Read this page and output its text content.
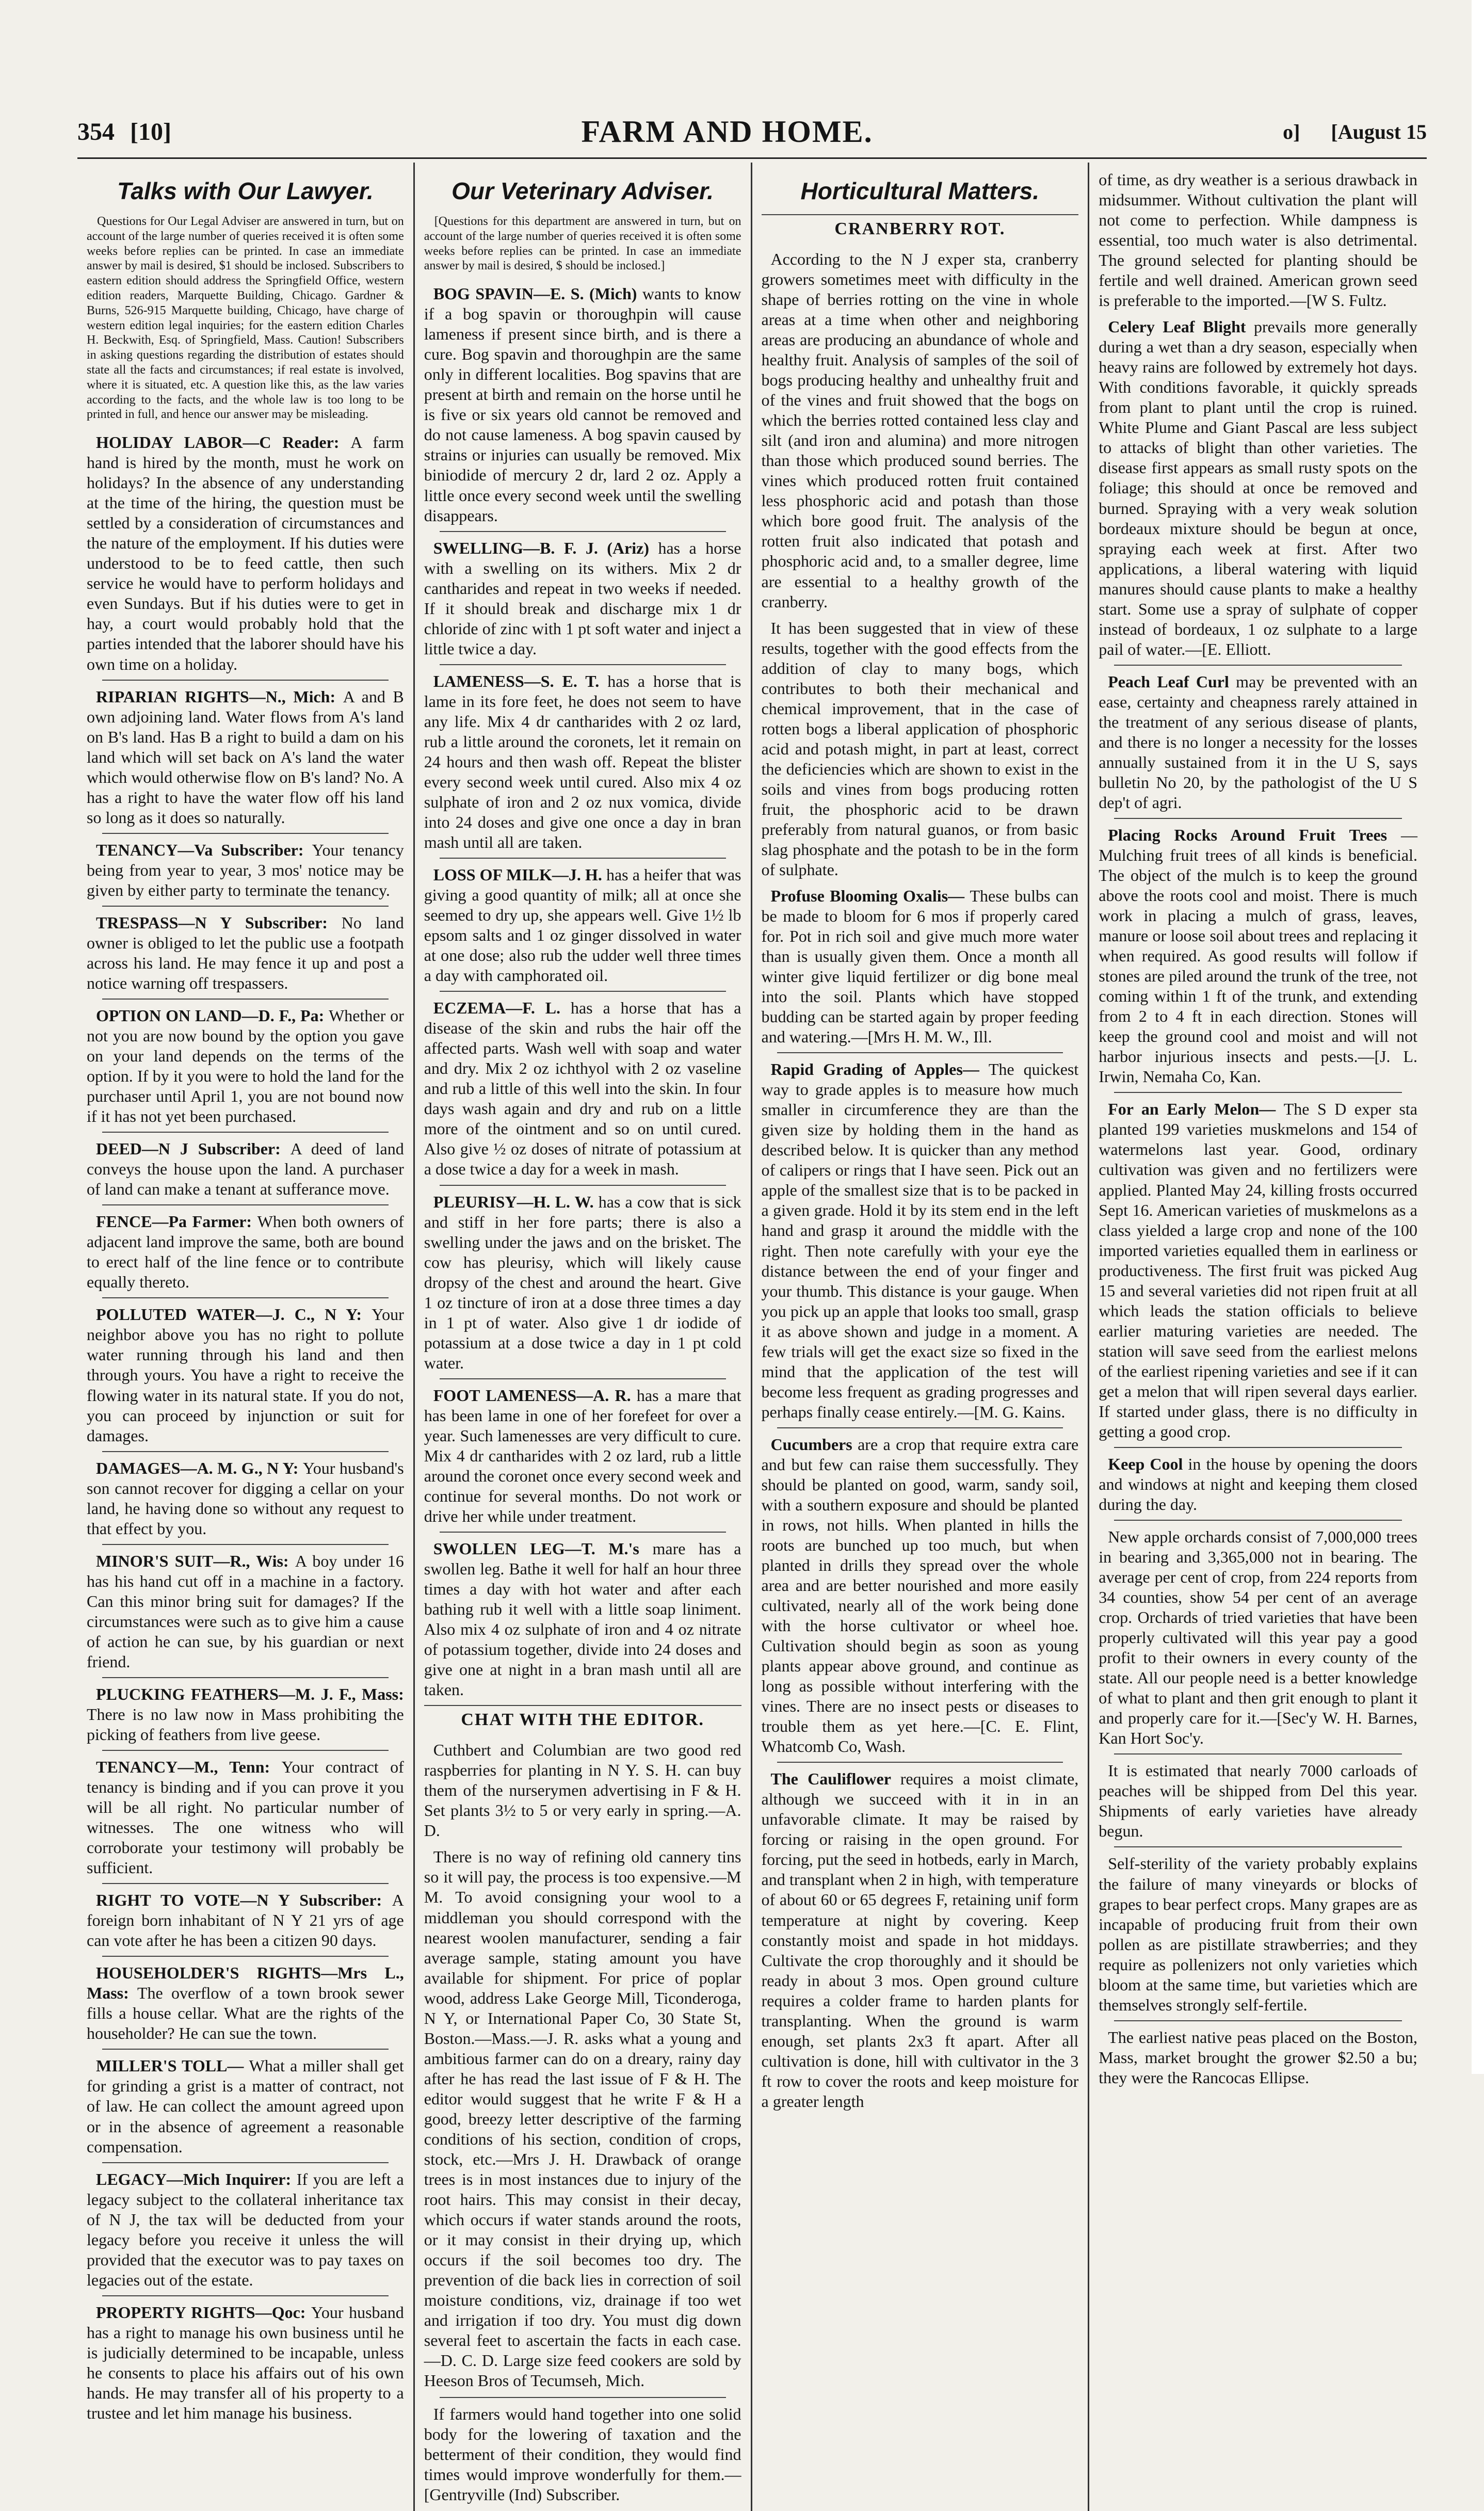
354 [10]	FARM AND HOME.	o] [August 15
Talks with Our Lawyer.

Questions for Our Legal Adviser are answered in turn, but on account of the large number of queries received it is often some weeks before replies can be printed. In case an immediate answer by mail is desired, $1 should be inclosed. Subscribers to eastern edition should address the Springfield Office, western edition readers, Marquette Building, Chicago. Gardner & Burns, 526-915 Marquette building, Chicago, have charge of western edition legal inquiries; for the eastern edition Charles H. Beckwith, Esq. of Springfield, Mass. Caution! Subscribers in asking questions regarding the distribution of estates should state all the facts and circumstances; if real estate is involved, where it is situated, etc. A question like this, as the law varies according to the facts, and the whole law is too long to be printed in full, and hence our answer may be misleading.

HOLIDAY LABOR—C Reader: A farm hand is hired by the month, must he work on holidays? In the absence of any understanding at the time of the hiring, the question must be settled by a consideration of circumstances and the nature of the employment. If his duties were understood to be to feed cattle, then such service he would have to perform holidays and even Sundays. But if his duties were to get in hay, a court would probably hold that the parties intended that the laborer should have his own time on a holiday.

RIPARIAN RIGHTS—N., Mich: A and B own adjoining land. Water flows from A's land on B's land. Has B a right to build a dam on his land which will set back on A's land the water which would otherwise flow on B's land? No. A has a right to have the water flow off his land so long as it does so naturally.

TENANCY—Va Subscriber: Your tenancy being from year to year, 3 mos' notice may be given by either party to terminate the tenancy.

TRESPASS—N Y Subscriber: No land owner is obliged to let the public use a footpath across his land. He may fence it up and post a notice warning off trespassers.

OPTION ON LAND—D. F., Pa: Whether or not you are now bound by the option you gave on your land depends on the terms of the option. If by it you were to hold the land for the purchaser until April 1, you are not bound now if it has not yet been purchased.

DEED—N J Subscriber: A deed of land conveys the house upon the land. A purchaser of land can make a tenant at sufferance move.

FENCE—Pa Farmer: When both owners of adjacent land improve the same, both are bound to erect half of the line fence or to contribute equally thereto.

POLLUTED WATER—J. C., N Y: Your neighbor above you has no right to pollute water running through his land and then through yours. You have a right to receive the flowing water in its natural state. If you do not, you can proceed by injunction or suit for damages.

DAMAGES—A. M. G., N Y: Your husband's son cannot recover for digging a cellar on your land, he having done so without any request to that effect by you.

MINOR'S SUIT—R., Wis: A boy under 16 has his hand cut off in a machine in a factory. Can this minor bring suit for damages? If the circumstances were such as to give him a cause of action he can sue, by his guardian or next friend.

PLUCKING FEATHERS—M. J. F., Mass: There is no law now in Mass prohibiting the picking of feathers from live geese.

TENANCY—M., Tenn: Your contract of tenancy is binding and if you can prove it you will be all right. No particular number of witnesses. The one witness who will corroborate your testimony will probably be sufficient.

RIGHT TO VOTE—N Y Subscriber: A foreign born inhabitant of N Y 21 yrs of age can vote after he has been a citizen 90 days.

HOUSEHOLDER'S RIGHTS—Mrs L., Mass: The overflow of a town brook sewer fills a house cellar. What are the rights of the householder? He can sue the town.

MILLER'S TOLL— What a miller shall get for grinding a grist is a matter of contract, not of law. He can collect the amount agreed upon or in the absence of agreement a reasonable compensation.

LEGACY—Mich Inquirer: If you are left a legacy subject to the collateral inheritance tax of N J, the tax will be deducted from your legacy before you receive it unless the will provided that the executor was to pay taxes on legacies out of the estate.

PROPERTY RIGHTS—Qoc: Your husband has a right to manage his own business until he is judicially determined to be incapable, unless he consents to place his affairs out of his own hands. He may transfer all of his property to a trustee and let him manage his business.

Our Veterinary Adviser.

[Questions for this department are answered in turn, but on account of the large number of queries received it is often some weeks before replies can be printed. In case an immediate answer by mail is desired, $ should be inclosed.]

BOG SPAVIN—E. S. (Mich) wants to know if a bog spavin or thoroughpin will cause lameness if present since birth, and is there a cure. Bog spavin and thoroughpin are the same only in different localities. Bog spavins that are present at birth and remain on the horse until he is five or six years old cannot be removed and do not cause lameness. A bog spavin caused by strains or injuries can usually be removed. Mix biniodide of mercury 2 dr, lard 2 oz. Apply a little once every second week until the swelling disappears.

SWELLING—B. F. J. (Ariz) has a horse with a swelling on its withers. Mix 2 dr cantharides and repeat in two weeks if needed. If it should break and discharge mix 1 dr chloride of zinc with 1 pt soft water and inject a little twice a day.

LAMENESS—S. E. T. has a horse that is lame in its fore feet, he does not seem to have any life. Mix 4 dr cantharides with 2 oz lard, rub a little around the coronets, let it remain on 24 hours and then wash off. Repeat the blister every second week until cured. Also mix 4 oz sulphate of iron and 2 oz nux vomica, divide into 24 doses and give one once a day in bran mash until all are taken.

LOSS OF MILK—J. H. has a heifer that was giving a good quantity of milk; all at once she seemed to dry up, she appears well. Give 1½ lb epsom salts and 1 oz ginger dissolved in water at one dose; also rub the udder well three times a day with camphorated oil.

ECZEMA—F. L. has a horse that has a disease of the skin and rubs the hair off the affected parts. Wash well with soap and water and dry. Mix 2 oz ichthyol with 2 oz vaseline and rub a little of this well into the skin. In four days wash again and dry and rub on a little more of the ointment and so on until cured. Also give ½ oz doses of nitrate of potassium at a dose twice a day for a week in mash.

PLEURISY—H. L. W. has a cow that is sick and stiff in her fore parts; there is also a swelling under the jaws and on the brisket. The cow has pleurisy, which will likely cause dropsy of the chest and around the heart. Give 1 oz tincture of iron at a dose three times a day in 1 pt of water. Also give 1 dr iodide of potassium at a dose twice a day in 1 pt cold water.

FOOT LAMENESS—A. R. has a mare that has been lame in one of her forefeet for over a year. Such lamenesses are very difficult to cure. Mix 4 dr cantharides with 2 oz lard, rub a little around the coronet once every second week and continue for several months. Do not work or drive her while under treatment.

SWOLLEN LEG—T. M.'s mare has a swollen leg. Bathe it well for half an hour three times a day with hot water and after each bathing rub it well with a little soap liniment. Also mix 4 oz sulphate of iron and 4 oz nitrate of potassium together, divide into 24 doses and give one at night in a bran mash until all are taken.

CHAT WITH THE EDITOR.

Cuthbert and Columbian are two good red raspberries for planting in N Y. S. H. can buy them of the nurserymen advertising in F & H. Set plants 3½ to 5 or very early in spring.—A. D.

There is no way of refining old cannery tins so it will pay, the process is too expensive.—M M. To avoid consigning your wool to a middleman you should correspond with the nearest woolen manufacturer, sending a fair average sample, stating amount you have available for shipment. For price of poplar wood, address Lake George Mill, Ticonderoga, N Y, or International Paper Co, 30 State St, Boston.—Mass.—J. R. asks what a young and ambitious farmer can do on a dreary, rainy day after he has read the last issue of F & H. The editor would suggest that he write F & H a good, breezy letter descriptive of the farming conditions of his section, condition of crops, stock, etc.—Mrs J. H. Drawback of orange trees is in most instances due to injury of the root hairs. This may consist in their decay, which occurs if water stands around the roots, or it may consist in their drying up, which occurs if the soil becomes too dry. The prevention of die back lies in correction of soil moisture conditions, viz, drainage if too wet and irrigation if too dry. You must dig down several feet to ascertain the facts in each case.—D. C. D. Large size feed cookers are sold by Heeson Bros of Tecumseh, Mich.

If farmers would hand together into one solid body for the lowering of taxation and the betterment of their condition, they would find times would improve wonderfully for them.—[Gentryville (Ind) Subscriber.

Horticultural Matters.
CRANBERRY ROT.

According to the N J exper sta, cranberry growers sometimes meet with difficulty in the shape of berries rotting on the vine in whole areas at a time when other and neighboring areas are producing an abundance of whole and healthy fruit. Analysis of samples of the soil of bogs producing healthy and unhealthy fruit and of the vines and fruit showed that the bogs on which the berries rotted contained less clay and silt (and iron and alumina) and more nitrogen than those which produced sound berries. The vines which produced rotten fruit contained less phosphoric acid and potash than those which bore good fruit. The analysis of the rotten fruit also indicated that potash and phosphoric acid and, to a smaller degree, lime are essential to a healthy growth of the cranberry.

It has been suggested that in view of these results, together with the good effects from the addition of clay to many bogs, which contributes to both their mechanical and chemical improvement, that in the case of rotten bogs a liberal application of phosphoric acid and potash might, in part at least, correct the deficiencies which are shown to exist in the soils and vines from bogs producing rotten fruit, the phosphoric acid to be drawn preferably from natural guanos, or from basic slag phosphate and the potash to be in the form of sulphate.

Profuse Blooming Oxalis— These bulbs can be made to bloom for 6 mos if properly cared for. Pot in rich soil and give much more water than is usually given them. Once a month all winter give liquid fertilizer or dig bone meal into the soil. Plants which have stopped budding can be started again by proper feeding and watering.—[Mrs H. M. W., Ill.

Rapid Grading of Apples— The quickest way to grade apples is to measure how much smaller in circumference they are than the given size by holding them in the hand as described below. It is quicker than any method of calipers or rings that I have seen. Pick out an apple of the smallest size that is to be packed in a given grade. Hold it by its stem end in the left hand and grasp it around the middle with the right. Then note carefully with your eye the distance between the end of your finger and your thumb. This distance is your gauge. When you pick up an apple that looks too small, grasp it as above shown and judge in a moment. A few trials will get the exact size so fixed in the mind that the application of the test will become less frequent as grading progresses and perhaps finally cease entirely.—[M. G. Kains.

Cucumbers are a crop that require extra care and but few can raise them successfully. They should be planted on good, warm, sandy soil, with a southern exposure and should be planted in rows, not hills. When planted in hills the roots are bunched up too much, but when planted in drills they spread over the whole area and are better nourished and more easily cultivated, nearly all of the work being done with the horse cultivator or wheel hoe. Cultivation should begin as soon as young plants appear above ground, and continue as long as possible without interfering with the vines. There are no insect pests or diseases to trouble them as yet here.—[C. E. Flint, Whatcomb Co, Wash.

The Cauliflower requires a moist climate, although we succeed with it in in an unfavorable climate. It may be raised by forcing or raising in the open ground. For forcing, put the seed in hotbeds, early in March, and transplant when 2 in high, with temperature of about 60 or 65 degrees F, retaining unif form temperature at night by covering. Keep constantly moist and spade in hot middays. Cultivate the crop thoroughly and it should be ready in about 3 mos. Open ground culture requires a colder frame to harden plants for transplanting. When the ground is warm enough, set plants 2x3 ft apart. After all cultivation is done, hill with cultivator in the 3 ft row to cover the roots and keep moisture for a greater length

of time, as dry weather is a serious drawback in midsummer. Without cultivation the plant will not come to perfection. While dampness is essential, too much water is also detrimental. The ground selected for planting should be fertile and well drained. American grown seed is preferable to the imported.—[W S. Fultz.

Celery Leaf Blight prevails more generally during a wet than a dry season, especially when heavy rains are followed by extremely hot days. With conditions favorable, it quickly spreads from plant to plant until the crop is ruined. White Plume and Giant Pascal are less subject to attacks of blight than other varieties. The disease first appears as small rusty spots on the foliage; this should at once be removed and burned. Spraying with a very weak solution bordeaux mixture should be begun at once, spraying each week at first. After two applications, a liberal watering with liquid manures should cause plants to make a healthy start. Some use a spray of sulphate of copper instead of bordeaux, 1 oz sulphate to a large pail of water.—[E. Elliott.

Peach Leaf Curl may be prevented with an ease, certainty and cheapness rarely attained in the treatment of any serious disease of plants, and there is no longer a necessity for the losses annually sustained from it in the U S, says bulletin No 20, by the pathologist of the U S dep't of agri.

Placing Rocks Around Fruit Trees —Mulching fruit trees of all kinds is beneficial. The object of the mulch is to keep the ground above the roots cool and moist. There is much work in placing a mulch of grass, leaves, manure or loose soil about trees and replacing it when required. As good results will follow if stones are piled around the trunk of the tree, not coming within 1 ft of the trunk, and extending from 2 to 4 ft in each direction. Stones will keep the ground cool and moist and will not harbor injurious insects and pests.—[J. L. Irwin, Nemaha Co, Kan.

For an Early Melon— The S D exper sta planted 199 varieties muskmelons and 154 of watermelons last year. Good, ordinary cultivation was given and no fertilizers were applied. Planted May 24, killing frosts occurred Sept 16. American varieties of muskmelons as a class yielded a large crop and none of the 100 imported varieties equalled them in earliness or productiveness. The first fruit was picked Aug 15 and several varieties did not ripen fruit at all which leads the station officials to believe earlier maturing varieties are needed. The station will save seed from the earliest melons of the earliest ripening varieties and see if it can get a melon that will ripen several days earlier. If started under glass, there is no difficulty in getting a good crop.

Keep Cool in the house by opening the doors and windows at night and keeping them closed during the day.

New apple orchards consist of 7,000,000 trees in bearing and 3,365,000 not in bearing. The average per cent of crop, from 224 reports from 34 counties, show 54 per cent of an average crop. Orchards of tried varieties that have been properly cultivated will this year pay a good profit to their owners in every county of the state. All our people need is a better knowledge of what to plant and then grit enough to plant it and properly care for it.—[Sec'y W. H. Barnes, Kan Hort Soc'y.

It is estimated that nearly 7000 carloads of peaches will be shipped from Del this year. Shipments of early varieties have already begun.

Self-sterility of the variety probably explains the failure of many vineyards or blocks of grapes to bear perfect crops. Many grapes are as incapable of producing fruit from their own pollen as are pistillate strawberries; and they require as pollenizers not only varieties which bloom at the same time, but varieties which are themselves strongly self-fertile.

The earliest native peas placed on the Boston, Mass, market brought the grower $2.50 a bu; they were the Rancocas Ellipse.
